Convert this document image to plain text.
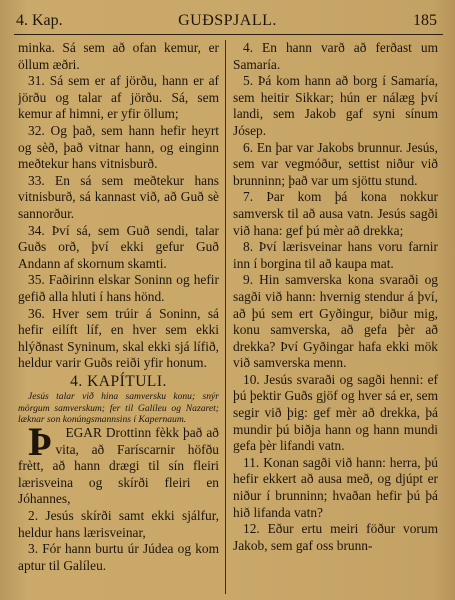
4. Kap.	GUÐSPJALL.	185

minka. Sá sem að ofan kemur, er öllum æðri.

31. Sá sem er af jörðu, hann er af jörðu og talar af jörðu. Sá, sem kemur af himni, er yfir öllum;

32. Og það, sem hann hefir heyrt og sèð, það vitnar hann, og einginn meðtekur hans vitnisburð.

33. En sá sem meðtekur hans vitnisburð, sá kannast við, að Guð sè sannorður.

34. Því sá, sem Guð sendi, talar Guðs orð, því ekki gefur Guð Andann af skornum skamti.

35. Faðirinn elskar Soninn og hefir gefið alla hluti í hans hönd.

36. Hver sem trúir á Soninn, sá hefir eilíft líf, en hver sem ekki hlýðnast Syninum, skal ekki sjá lífið, heldur varir Guðs reiði yfir honum.

4. KAPÍTULI.

Jesús talar við hina samversku konu; snýr mörgum samverskum; fer til Galíleu og Nazaret; læknar son konúngsmannsins í Kapernaum.

ÞEGAR Drottinn fèkk það að vita, að Faríscarnir höfðu frètt, að hann drægi til sín fleiri lærisveina og skírði fleiri en Jóhannes,

2. Jesús skírði samt ekki sjálfur, heldur hans lærisveinar,

3. Fór hann burtu úr Júdea og kom aptur til Galíleu.

4. En hann varð að ferðast um Samaría.

5. Þá kom hann að borg í Samaría, sem heitir Sikkar; hún er nálæg því landi, sem Jakob gaf syni sínum Jósep.

6. En þar var Jakobs brunnur. Jesús, sem var vegmóður, settist niður við brunninn; það var um sjöttu stund.

7. Þar kom þá kona nokkur samversk til að ausa vatn. Jesús sagði við hana: gef þú mèr að drekka;

8. Því lærisveinar hans voru farnir inn í borgina til að kaupa mat.

9. Hin samverska kona svaraði og sagði við hann: hvernig stendur á því, að þú sem ert Gyðingur, biður mig, konu samverska, að gefa þèr að drekka? Því Gyðingar hafa ekki mök við samverska menn.

10. Jesús svaraði og sagði henni: ef þú þektir Guðs gjöf og hver sá er, sem segir við þig: gef mèr að drekka, þá mundir þú biðja hann og hann mundi gefa þèr lifandi vatn.

11. Konan sagði við hann: herra, þú hefir ekkert að ausa með, og djúpt er niður í brunninn; hvaðan hefir þú þá hið lifanda vatn?

12. Eður ertu meiri föður vorum Jakob, sem gaf oss brunn-
